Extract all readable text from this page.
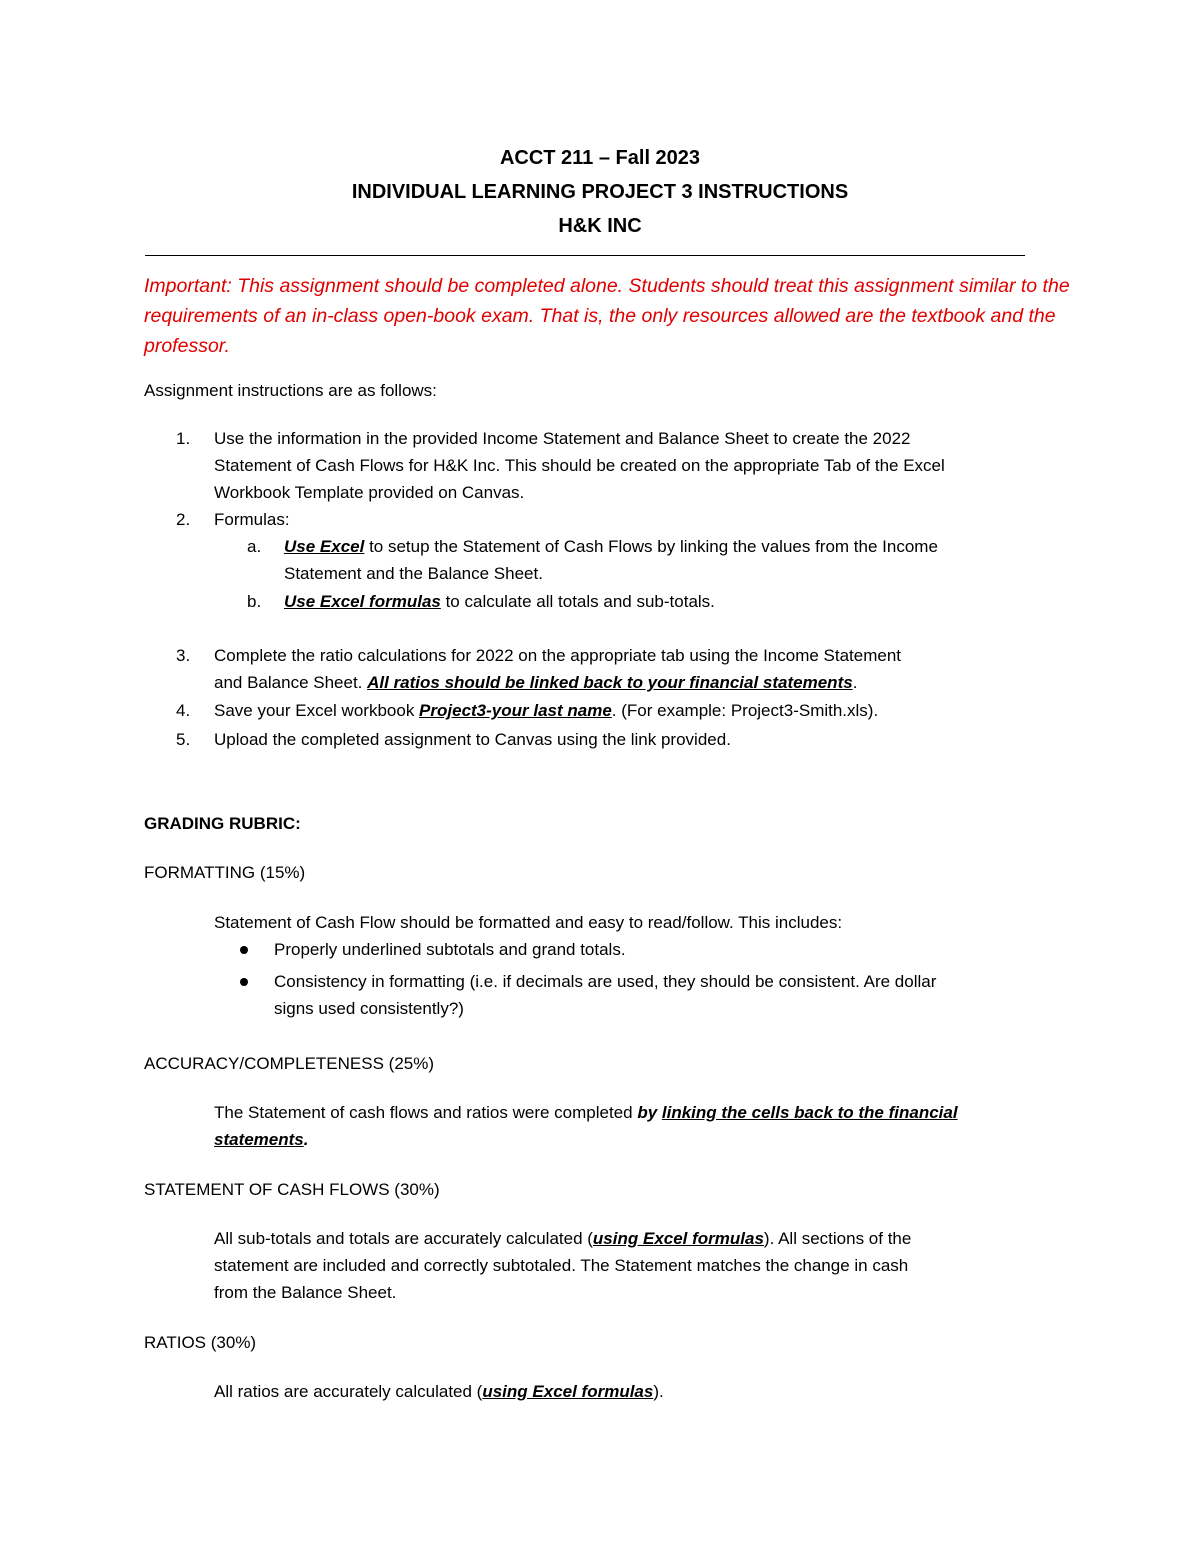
ACCT 211 – Fall 2023
INDIVIDUAL LEARNING PROJECT 3 INSTRUCTIONS
H&K INC
Important: This assignment should be completed alone. Students should treat this assignment similar to the requirements of an in-class open-book exam. That is, the only resources allowed are the textbook and the professor.
Assignment instructions are as follows:
1. Use the information in the provided Income Statement and Balance Sheet to create the 2022
Statement of Cash Flows for H&K Inc. This should be created on the appropriate Tab of the Excel
Workbook Template provided on Canvas.
2. Formulas:
a. Use Excel to setup the Statement of Cash Flows by linking the values from the Income
Statement and the Balance Sheet.
b. Use Excel formulas to calculate all totals and sub-totals.
3. Complete the ratio calculations for 2022 on the appropriate tab using the Income Statement
and Balance Sheet. All ratios should be linked back to your financial statements.
4. Save your Excel workbook Project3-your last name. (For example: Project3-Smith.xls).
5. Upload the completed assignment to Canvas using the link provided.
GRADING RUBRIC:
FORMATTING (15%)
Statement of Cash Flow should be formatted and easy to read/follow. This includes:
Properly underlined subtotals and grand totals.
Consistency in formatting (i.e. if decimals are used, they should be consistent. Are dollar
signs used consistently?)
ACCURACY/COMPLETENESS (25%)
The Statement of cash flows and ratios were completed by linking the cells back to the financial
statements.
STATEMENT OF CASH FLOWS (30%)
All sub-totals and totals are accurately calculated (using Excel formulas). All sections of the
statement are included and correctly subtotaled. The Statement matches the change in cash
from the Balance Sheet.
RATIOS (30%)
All ratios are accurately calculated (using Excel formulas).
